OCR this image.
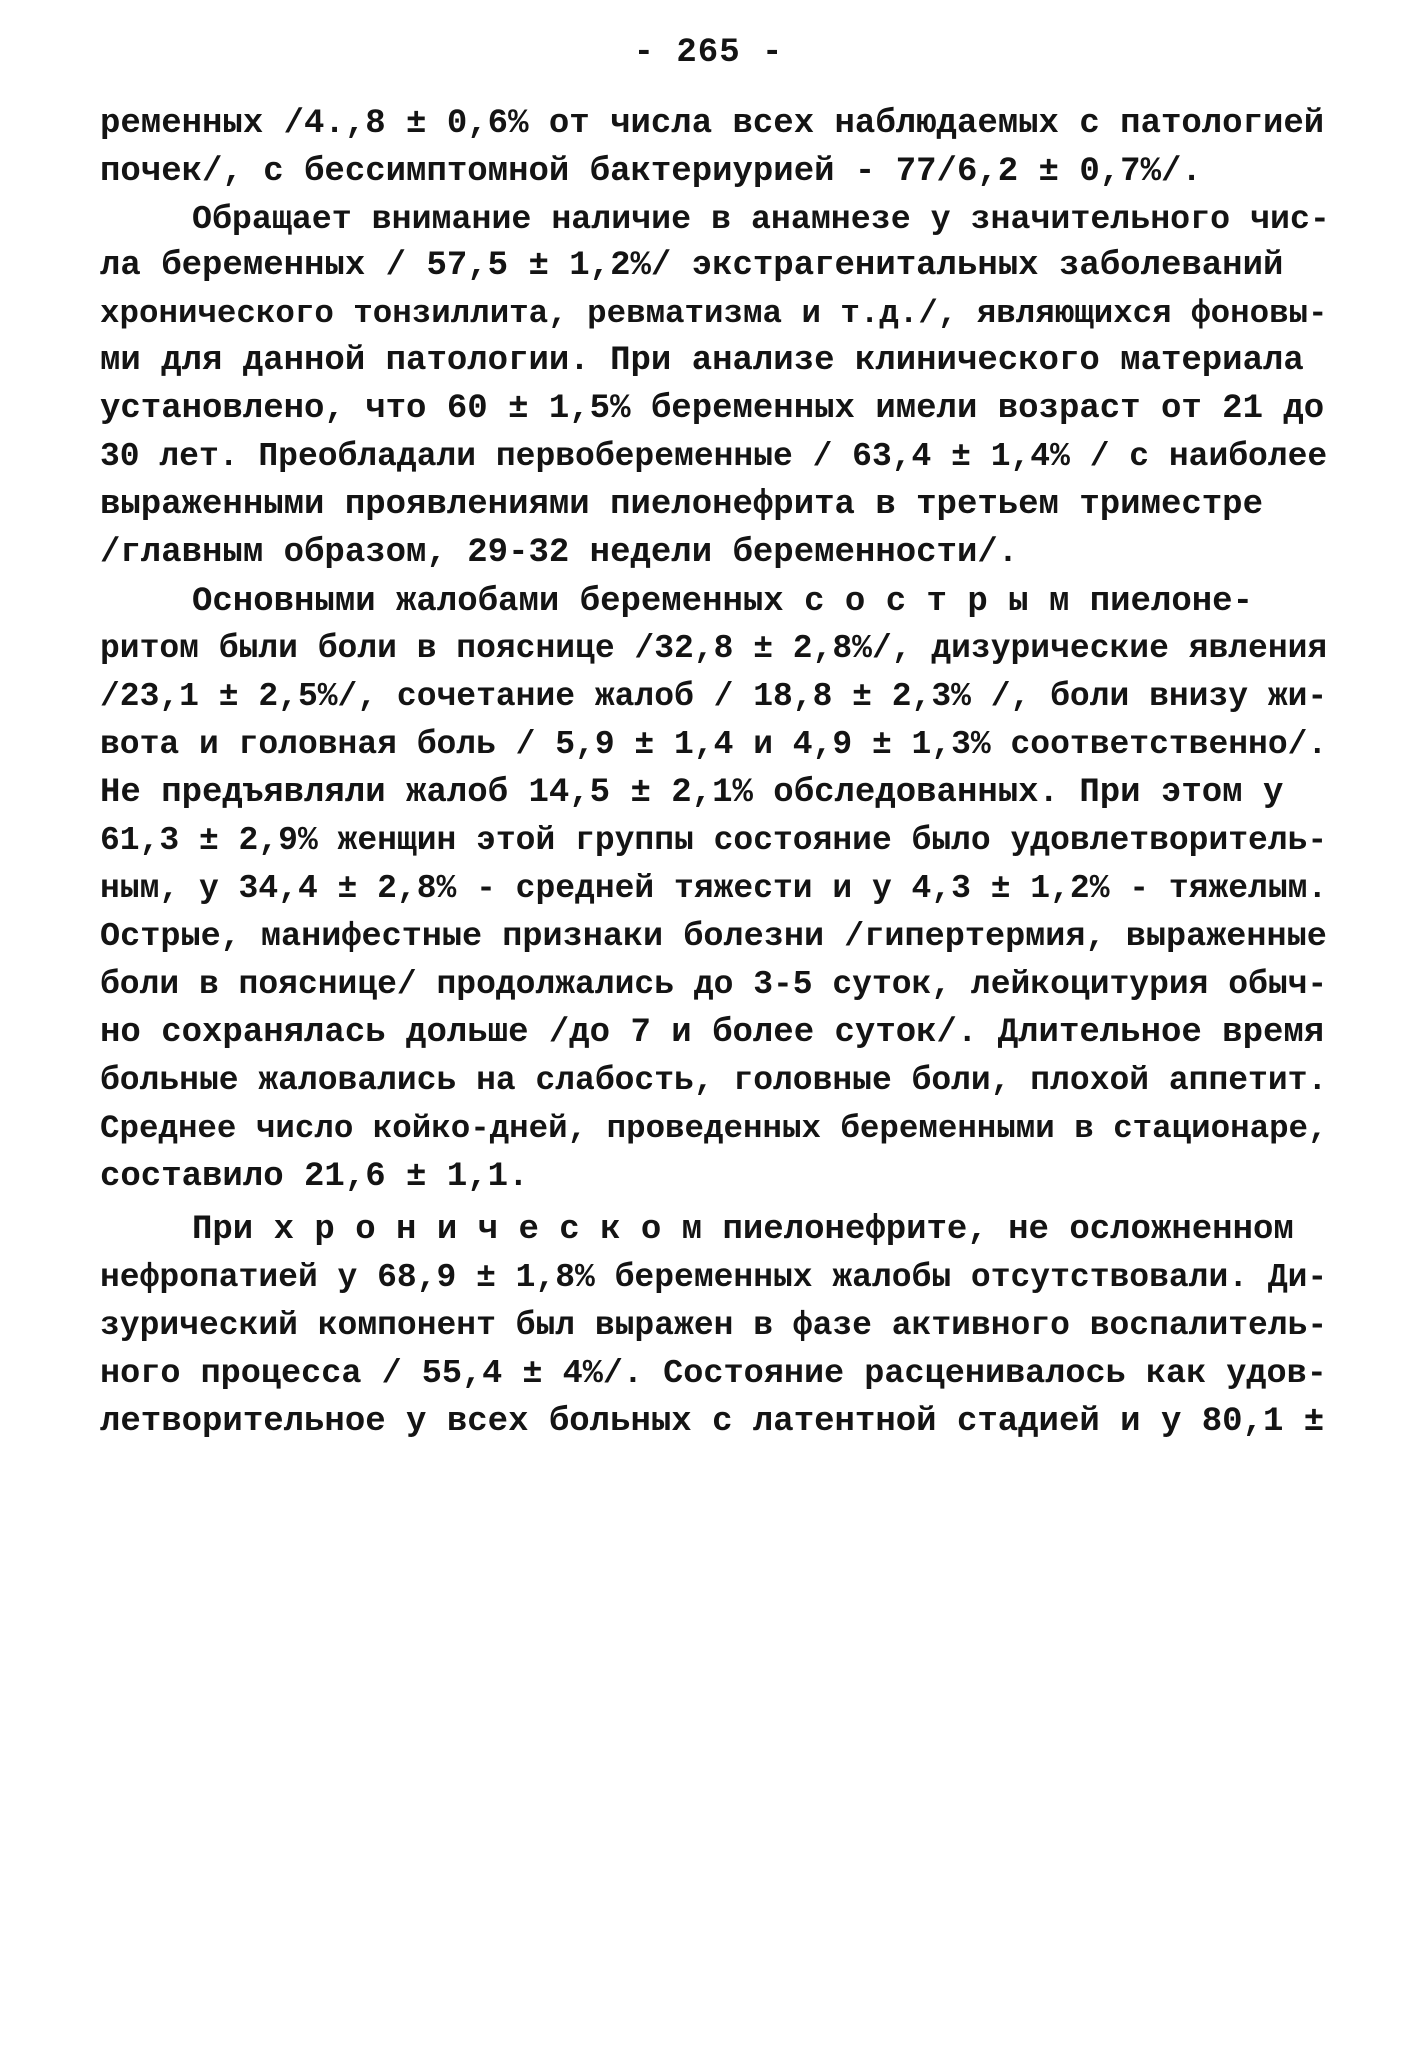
- 265 -
ременных /4.,8 ± 0,6% от числа всех наблюдаемых с патологией
почек/, с бессимптомной бактериурией - 77/6,2 ± 0,7%/.
Обращает внимание наличие в анамнезе у значительного чис-
ла беременных / 57,5 ± 1,2%/ экстрагенитальных заболеваний
хронического тонзиллита, ревматизма и т.д./, являющихся фоновы-
ми для данной патологии. При анализе клинического материала
установлено, что 60 ± 1,5% беременных имели возраст от 21 до
30 лет. Преобладали первобеременные / 63,4 ± 1,4% / с наиболее
выраженными проявлениями пиелонефрита в третьем триместре
/главным образом, 29-32 недели беременности/.
Основными жалобами беременных с о с т р ы м пиелоне-
ритом были боли в пояснице /32,8 ± 2,8%/, дизурические явления
/23,1 ± 2,5%/, сочетание жалоб / 18,8 ± 2,3% /, боли внизу жи-
вота и головная боль / 5,9 ± 1,4 и 4,9 ± 1,3% соответственно/.
Не предъявляли жалоб 14,5 ± 2,1% обследованных. При этом у
61,3 ± 2,9% женщин этой группы состояние было удовлетворитель-
ным, у 34,4 ± 2,8% - средней тяжести и у 4,3 ± 1,2% - тяжелым.
Острые, манифестные признаки болезни /гипертермия, выраженные
боли в пояснице/ продолжались до 3-5 суток, лейкоцитурия обыч-
но сохранялась дольше /до 7 и более суток/. Длительное время
больные жаловались на слабость, головные боли, плохой аппетит.
Среднее число койко-дней, проведенных беременными в стационаре,
составило 21,6 ± 1,1.
При х р о н и ч е с к о м пиелонефрите, не осложненном
нефропатией у 68,9 ± 1,8% беременных жалобы отсутствовали. Ди-
зурический компонент был выражен в фазе активного воспалитель-
ного процесса / 55,4 ± 4%/. Состояние расценивалось как удов-
летворительное у всех больных с латентной стадией и у 80,1 ±
